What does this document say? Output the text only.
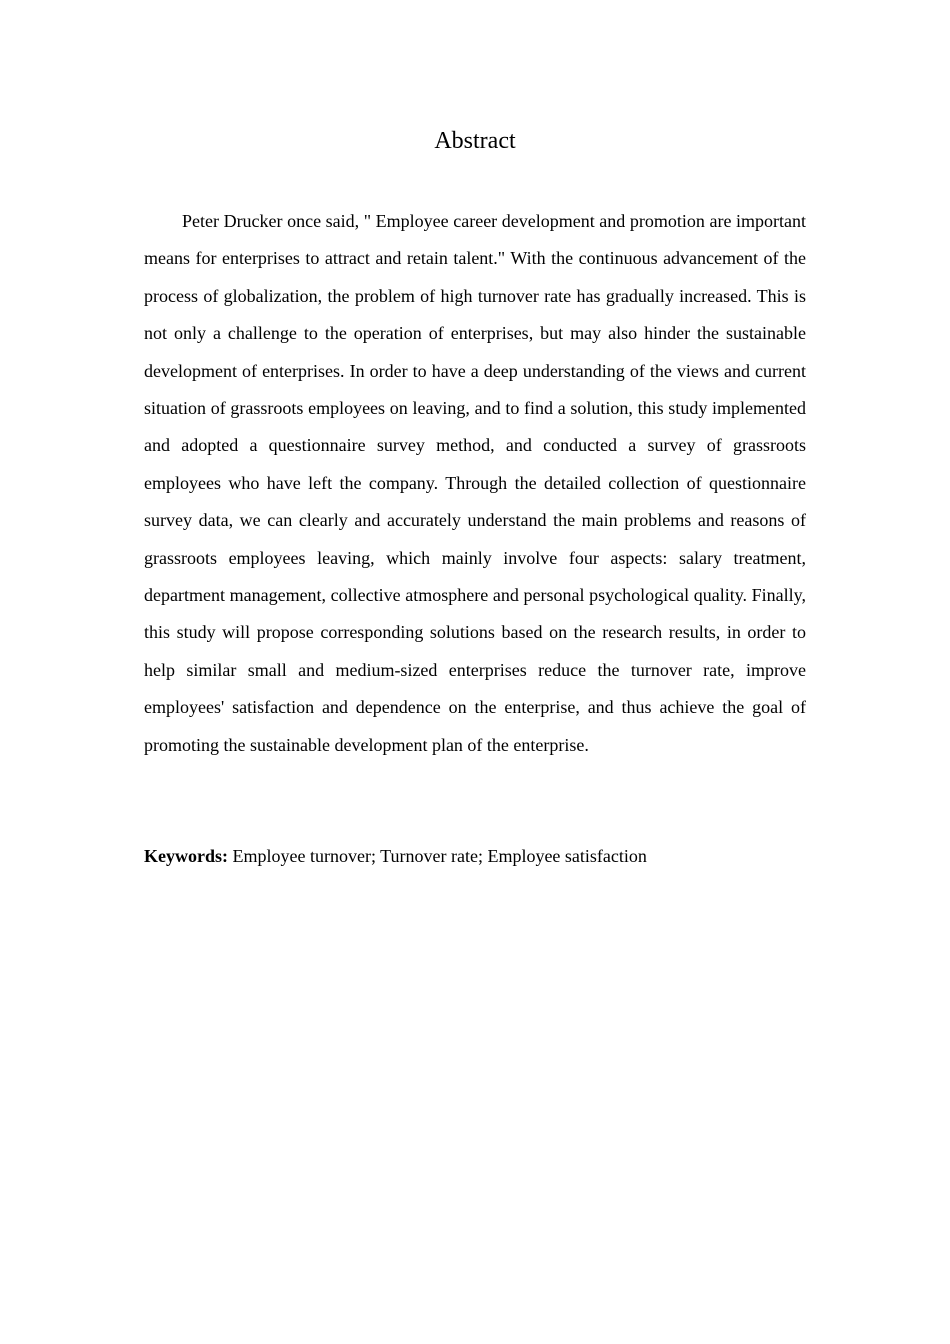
Abstract

Peter Drucker once said, " Employee career development and promotion are important means for enterprises to attract and retain talent." With the continuous advancement of the process of globalization, the problem of high turnover rate has gradually increased. This is not only a challenge to the operation of enterprises, but may also hinder the sustainable development of enterprises. In order to have a deep understanding of the views and current situation of grassroots employees on leaving, and to find a solution, this study implemented and adopted a questionnaire survey method, and conducted a survey of grassroots employees who have left the company. Through the detailed collection of questionnaire survey data, we can clearly and accurately understand the main problems and reasons of grassroots employees leaving, which mainly involve four aspects: salary treatment, department management, collective atmosphere and personal psychological quality. Finally, this study will propose corresponding solutions based on the research results, in order to help similar small and medium-sized enterprises reduce the turnover rate, improve employees' satisfaction and dependence on the enterprise, and thus achieve the goal of promoting the sustainable development plan of the enterprise.

Keywords: Employee turnover; Turnover rate; Employee satisfaction
